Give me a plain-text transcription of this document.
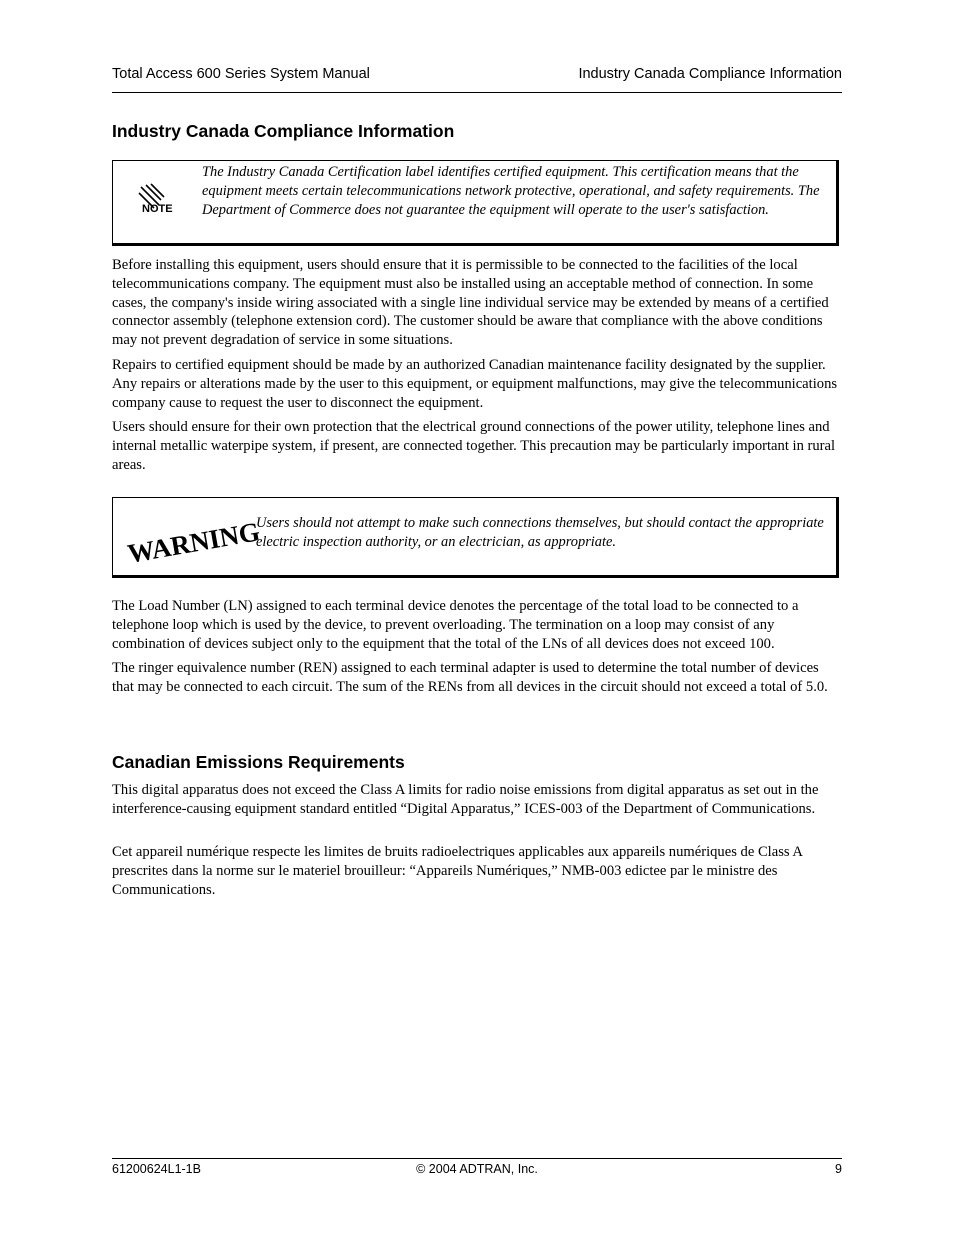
Total Access 600 Series System Manual	Industry Canada Compliance Information
Industry Canada Compliance Information
NOTE
The Industry Canada Certification label identifies certified equipment. This certification means that the equipment meets certain telecommunications network protective, operational, and safety requirements. The Department of Commerce does not guarantee the equipment will operate to the user's satisfaction.

Before installing this equipment, users should ensure that it is permissible to be connected to the facilities of the local telecommunications company. The equipment must also be installed using an acceptable method of connection. In some cases, the company's inside wiring associated with a single line individual service may be extended by means of a certified connector assembly (telephone extension cord). The customer should be aware that compliance with the above conditions may not prevent degradation of service in some situations.

Repairs to certified equipment should be made by an authorized Canadian maintenance facility designated by the supplier. Any repairs or alterations made by the user to this equipment, or equipment malfunctions, may give the telecommunications company cause to request the user to disconnect the equipment.

Users should ensure for their own protection that the electrical ground connections of the power utility, telephone lines and internal metallic waterpipe system, if present, are connected together. This precaution may be particularly important in rural areas.

WARNING
Users should not attempt to make such connections themselves, but should contact the appropriate electric inspection authority, or an electrician, as appropriate.

The Load Number (LN) assigned to each terminal device denotes the percentage of the total load to be connected to a telephone loop which is used by the device, to prevent overloading. The termination on a loop may consist of any combination of devices subject only to the equipment that the total of the LNs of all devices does not exceed 100.

The ringer equivalence number (REN) assigned to each terminal adapter is used to determine the total number of devices that may be connected to each circuit. The sum of the RENs from all devices in the circuit should not exceed a total of 5.0.

Canadian Emissions Requirements

This digital apparatus does not exceed the Class A limits for radio noise emissions from digital apparatus as set out in the interference-causing equipment standard entitled “Digital Apparatus,” ICES-003 of the Department of Communications.

Cet appareil numérique respecte les limites de bruits radioelectriques applicables aux appareils numériques de Class A prescrites dans la norme sur le materiel brouilleur: “Appareils Numériques,” NMB-003 edictee par le ministre des Communications.

61200624L1-1B	© 2004 ADTRAN, Inc.	9
